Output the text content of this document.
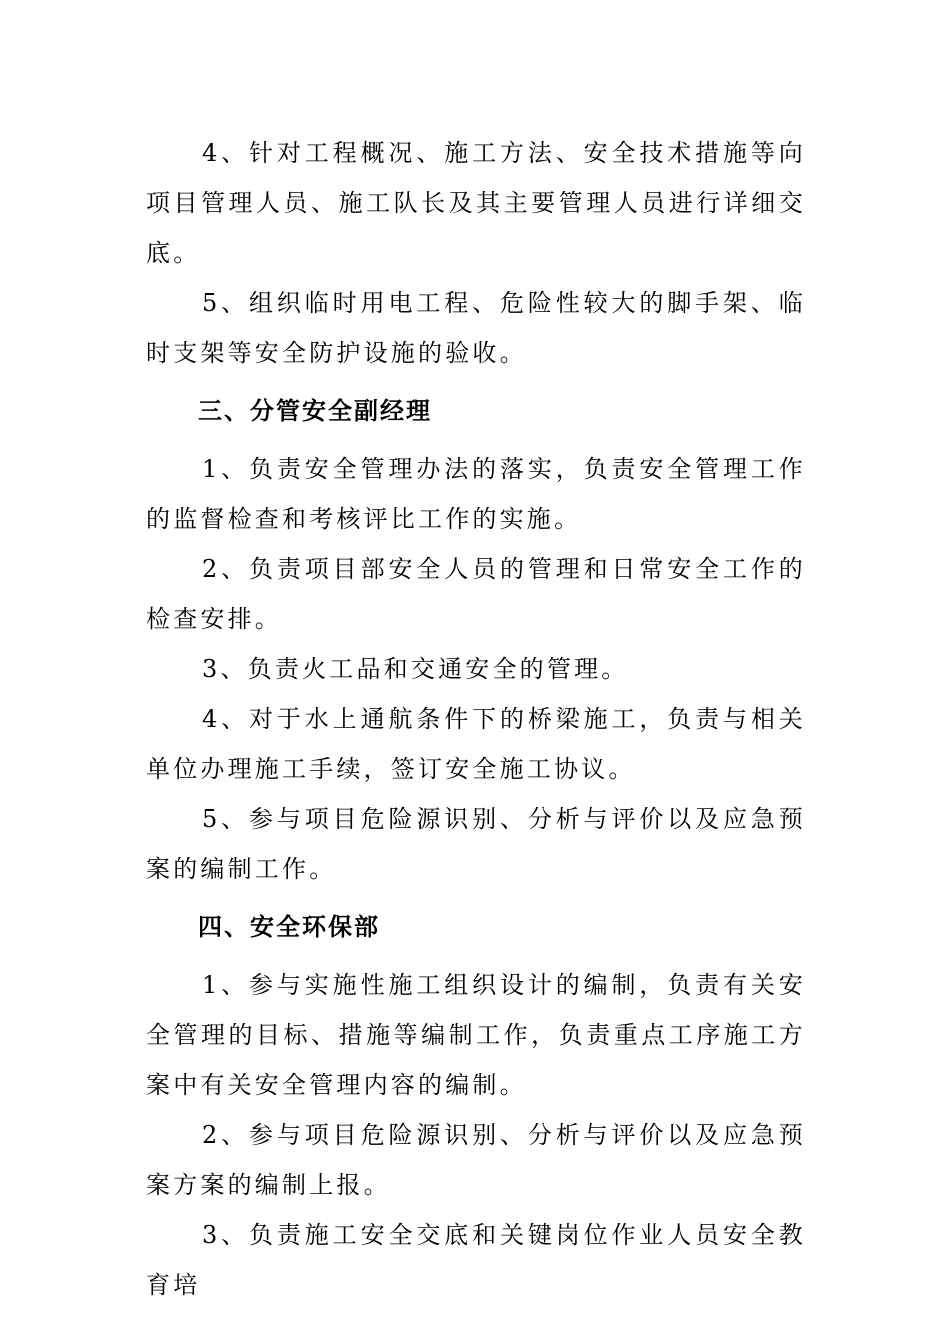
4、针对工程概况、施工方法、安全技术措施等向项目管理人员、施工队长及其主要管理人员进行详细交底。

5、组织临时用电工程、危险性较大的脚手架、临时支架等安全防护设施的验收。

三、分管安全副经理

1、负责安全管理办法的落实，负责安全管理工作的监督检查和考核评比工作的实施。

2、负责项目部安全人员的管理和日常安全工作的检查安排。

3、负责火工品和交通安全的管理。

4、对于水上通航条件下的桥梁施工，负责与相关单位办理施工手续，签订安全施工协议。

5、参与项目危险源识别、分析与评价以及应急预案的编制工作。

四、安全环保部

1、参与实施性施工组织设计的编制，负责有关安全管理的目标、措施等编制工作，负责重点工序施工方案中有关安全管理内容的编制。

2、参与项目危险源识别、分析与评价以及应急预案方案的编制上报。

3、负责施工安全交底和关键岗位作业人员安全教育培
